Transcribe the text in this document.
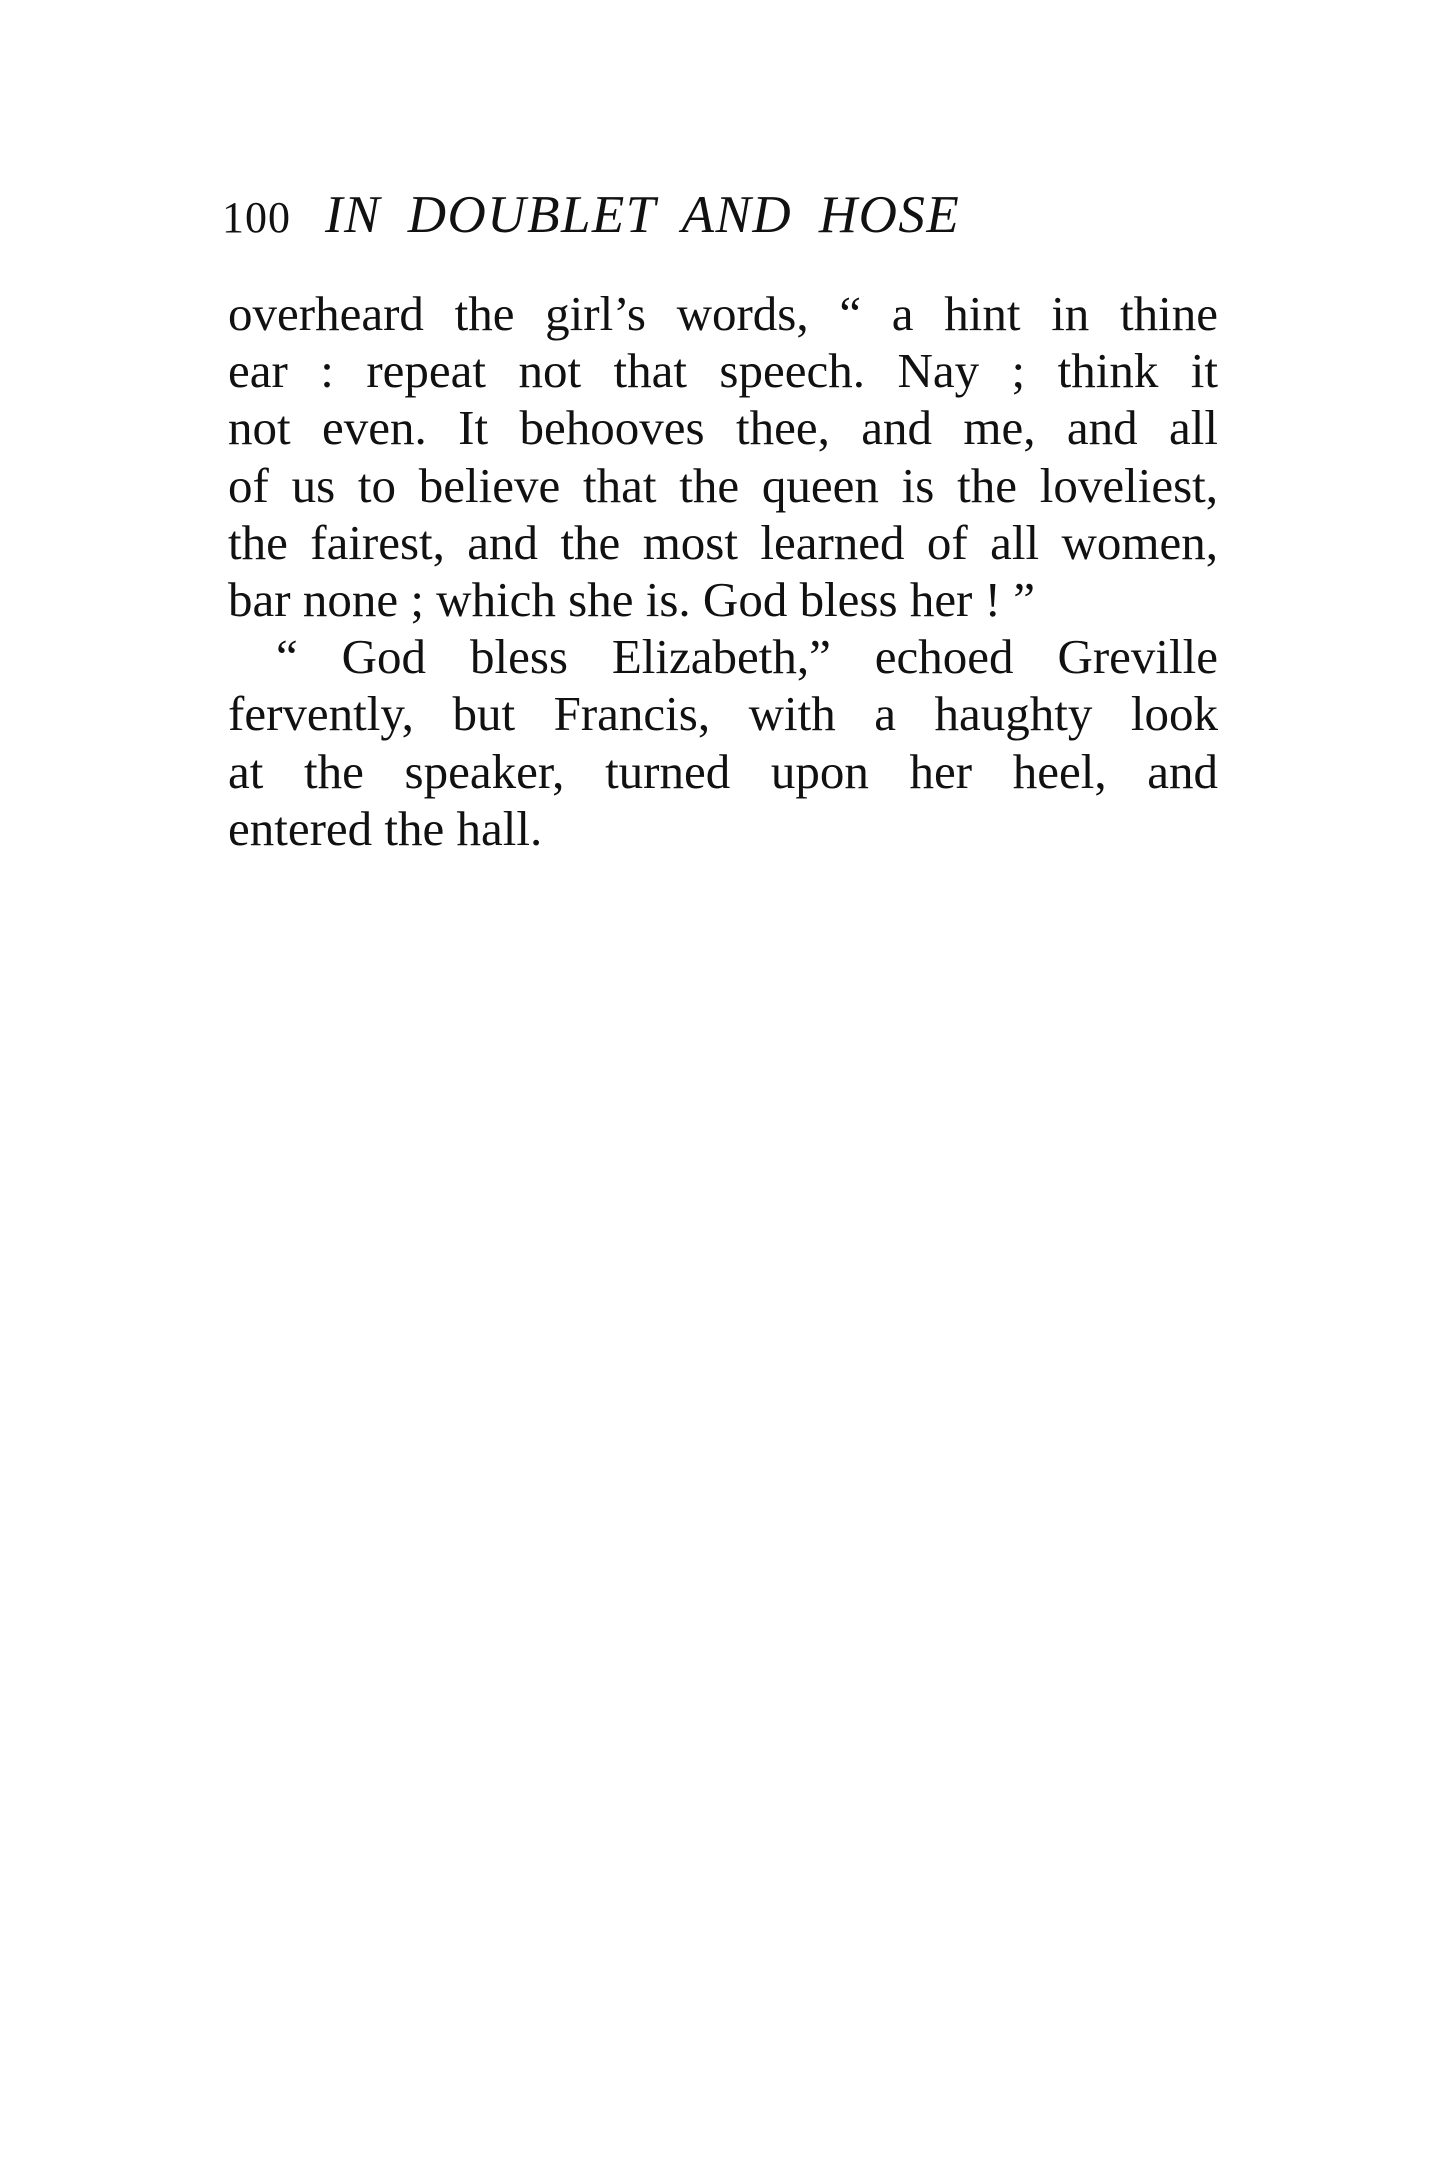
100 IN DOUBLET AND HOSE
overheard the girl’s words, “ a hint in thine
ear : repeat not that speech. Nay ; think it
not even. It behooves thee, and me, and all
of us to believe that the queen is the loveliest,
the fairest, and the most learned of all women,
bar none ; which she is. God bless her ! ”
“ God bless Elizabeth,” echoed Greville
fervently, but Francis, with a haughty look
at the speaker, turned upon her heel, and
entered the hall.
